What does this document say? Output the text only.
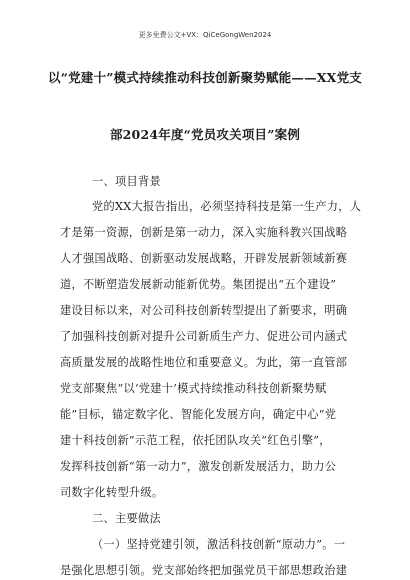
更多免费公文+VX：QiCeGongWen2024
以“党建十”模式持续推动科技创新聚势赋能——XX党支
部2024年度“党员攻关项目”案例
一、项目背景
党的XX大报告指出，必须坚持科技是第一生产力，人
才是第一资源，创新是第一动力，深入实施科教兴国战略
人才强国战略、创新驱动发展战略，开辟发展新领域新赛
道，不断塑造发展新动能新优势。集团提出“五个建设”
建设目标以来，对公司科技创新转型提出了新要求，明确
了加强科技创新对提升公司新质生产力、促进公司内涵式
高质量发展的战略性地位和重要意义。为此，第一直管部
党支部聚焦“以‘党建十’模式持续推动科技创新聚势赋
能”目标，锚定数字化、智能化发展方向，确定中心“党
建十科技创新”示范工程，依托团队攻关“红色引擎”，
发挥科技创新“第一动力”，激发创新发展活力，助力公
司数字化转型升级。
二、主要做法
（一）坚持党建引领，激活科技创新“原动力”。一
是强化思想引领。党支部始终把加强党员干部思想政治建
